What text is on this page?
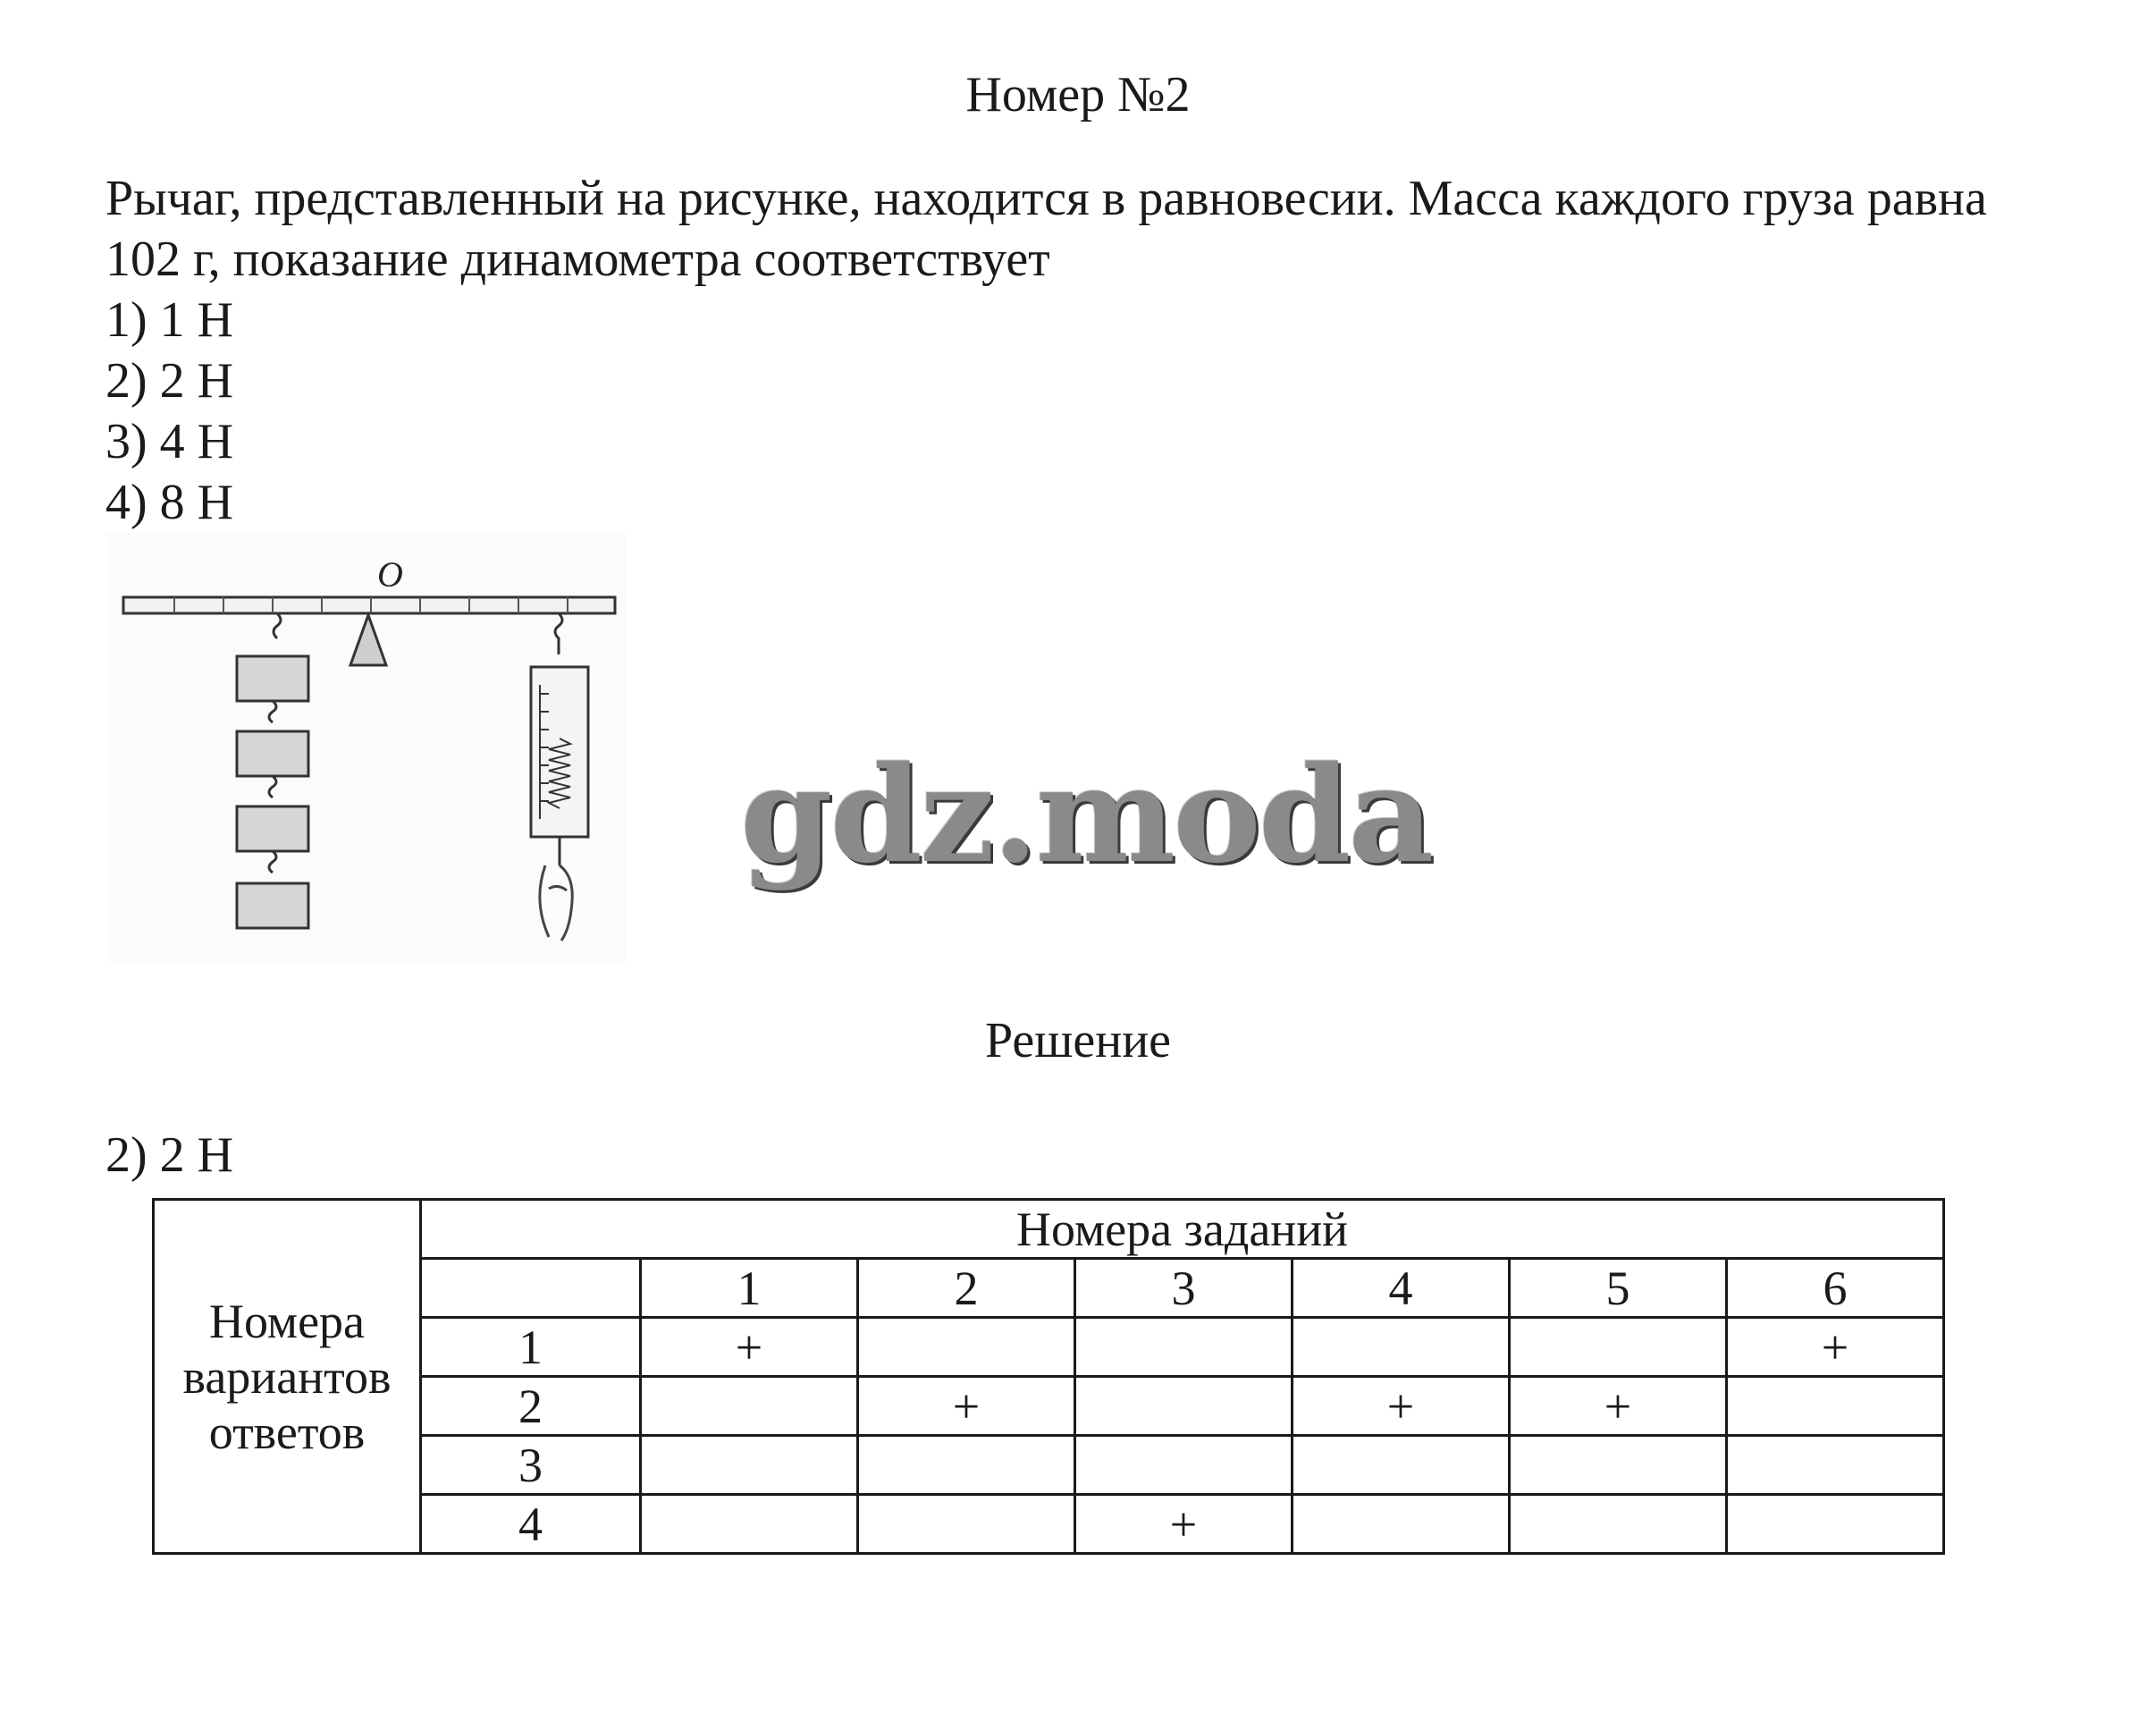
Номер №2

Рычаг, представленный на рисунке, находится в равновесии. Масса каждого груза равна 102 г, показание динамометра соответствует

1) 1 Н
2) 2 Н
3) 4 Н
4) 8 Н
O
gdz.moda
Решение
2) 2 Н
Номера вариантов ответов	Номера заданий						
		1	2	3	4	5	6
	1	+					+
	2		+		+	+	
	3						
	4			+			
